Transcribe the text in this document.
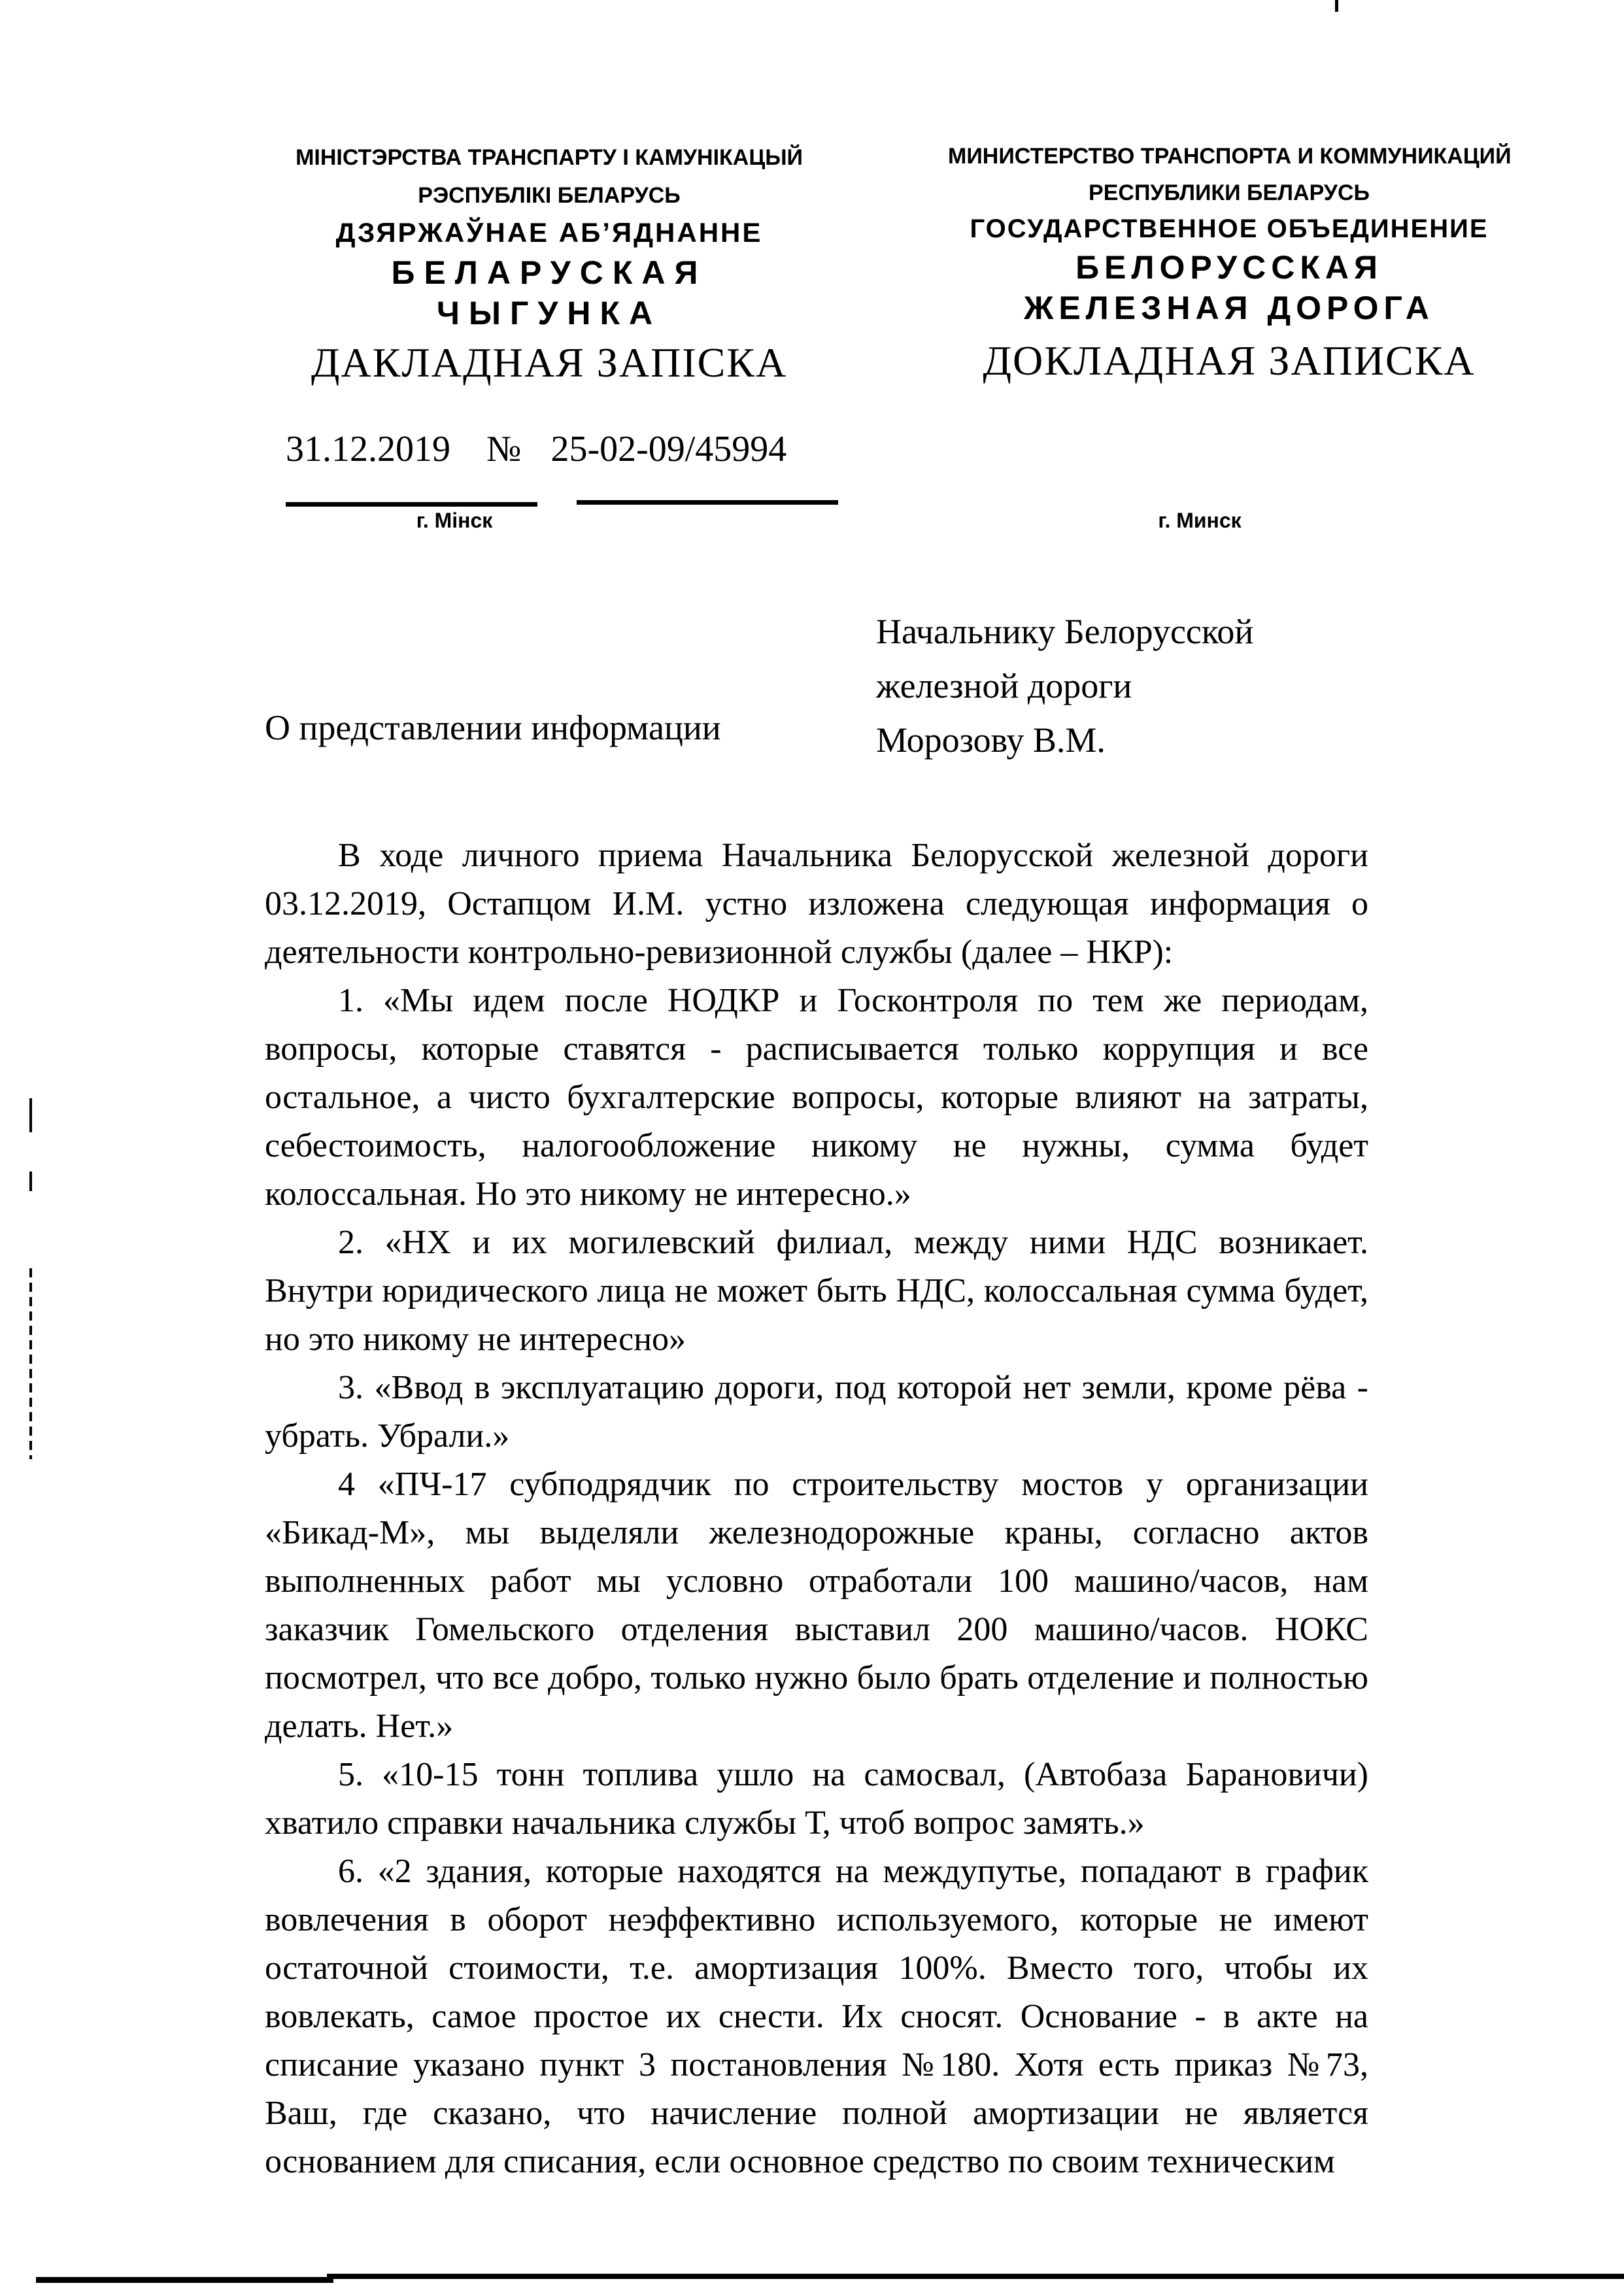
МІНІСТЭРСТВА ТРАНСПАРТУ І КАМУНІКАЦЫЙ
РЭСПУБЛІКІ БЕЛАРУСЬ
ДЗЯРЖАЎНАЕ АБ’ЯДНАННЕ
БЕЛАРУСКАЯ
ЧЫГУНКА
ДАКЛАДНАЯ ЗАПІСКА
МИНИСТЕРСТВО ТРАНСПОРТА И КОММУНИКАЦИЙ
РЕСПУБЛИКИ БЕЛАРУСЬ
ГОСУДАРСТВЕННОЕ ОБЪЕДИНЕНИЕ
БЕЛОРУССКАЯ
ЖЕЛЕЗНАЯ ДОРОГА
ДОКЛАДНАЯ ЗАПИСКА
31.12.2019 № 25-02-09/45994
г. Мінск	г. Минск
Начальнику Белорусской
железной дороги
Морозову В.М.
О представлении информации

В ходе личного приема Начальника Белорусской железной дороги 03.12.2019, Остапцом И.М. устно изложена следующая информация о деятельности контрольно-ревизионной службы (далее – НКР):

1. «Мы идем после НОДКР и Госконтроля по тем же периодам, вопросы, которые ставятся - расписывается только коррупция и все остальное, а чисто бухгалтерские вопросы, которые влияют на затраты, себестоимость, налогообложение никому не нужны, сумма будет колоссальная. Но это никому не интересно.»

2. «НХ и их могилевский филиал, между ними НДС возникает. Внутри юридического лица не может быть НДС, колоссальная сумма будет, но это никому не интересно»

3. «Ввод в эксплуатацию дороги, под которой нет земли, кроме рёва - убрать. Убрали.»

4 «ПЧ-17 субподрядчик по строительству мостов у организации «Бикад-М», мы выделяли железнодорожные краны, согласно актов выполненных работ мы условно отработали 100 машино/часов, нам заказчик Гомельского отделения выставил 200 машино/часов. НОКС посмотрел, что все добро, только нужно было брать отделение и полностью делать. Нет.»

5. «10-15 тонн топлива ушло на самосвал, (Автобаза Барановичи) хватило справки начальника службы Т, чтоб вопрос замять.»

6. «2 здания, которые находятся на междупутье, попадают в график вовлечения в оборот неэффективно используемого, которые не имеют остаточной стоимости, т.е. амортизация 100%. Вместо того, чтобы их вовлекать, самое простое их снести. Их сносят. Основание - в акте на списание указано пункт 3 постановления №180. Хотя есть приказ №73, Ваш, где сказано, что начисление полной амортизации не является основанием для списания, если основное средство по своим техническим
